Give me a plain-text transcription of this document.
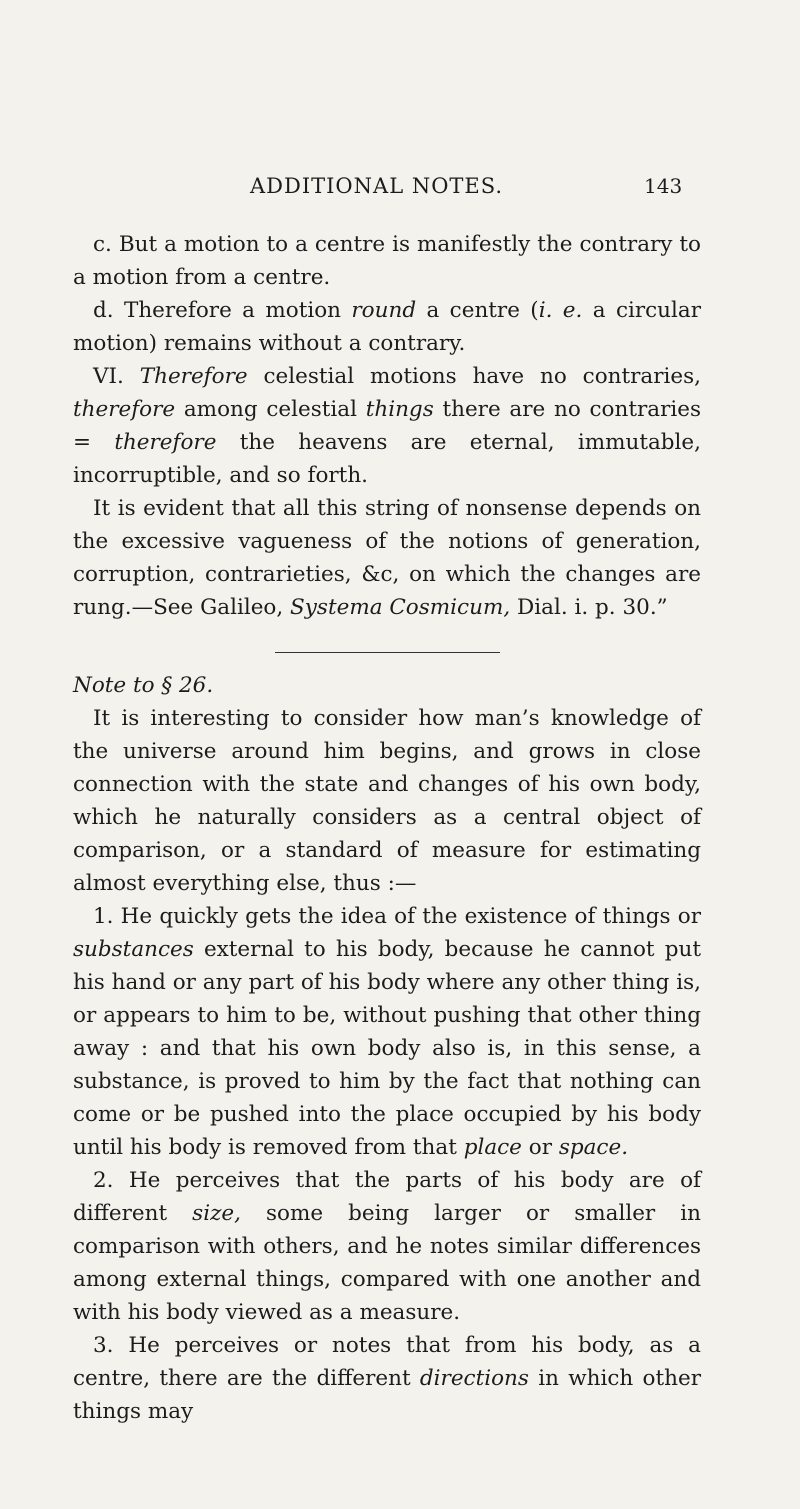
ADDITIONAL NOTES.	143

c. But a motion to a centre is manifestly the contrary to a motion from a centre.

d. Therefore a motion round a centre (i. e. a circular motion) remains without a contrary.

VI. Therefore celestial motions have no contraries, therefore among celestial things there are no contraries = therefore the heavens are eternal, immutable, incorruptible, and so forth.

It is evident that all this string of nonsense depends on the excessive vagueness of the notions of generation, corruption, contrarieties, &c, on which the changes are rung.—See Galileo, Systema Cosmicum, Dial. i. p. 30.”

Note to § 26.

It is interesting to consider how man’s knowledge of the universe around him begins, and grows in close connection with the state and changes of his own body, which he naturally considers as a central object of comparison, or a standard of measure for estimating almost everything else, thus :—

1. He quickly gets the idea of the existence of things or substances external to his body, because he cannot put his hand or any part of his body where any other thing is, or appears to him to be, without pushing that other thing away : and that his own body also is, in this sense, a substance, is proved to him by the fact that nothing can come or be pushed into the place occupied by his body until his body is removed from that place or space.

2. He perceives that the parts of his body are of different size, some being larger or smaller in comparison with others, and he notes similar differences among external things, compared with one another and with his body viewed as a measure.

3. He perceives or notes that from his body, as a centre, there are the different directions in which other things may
